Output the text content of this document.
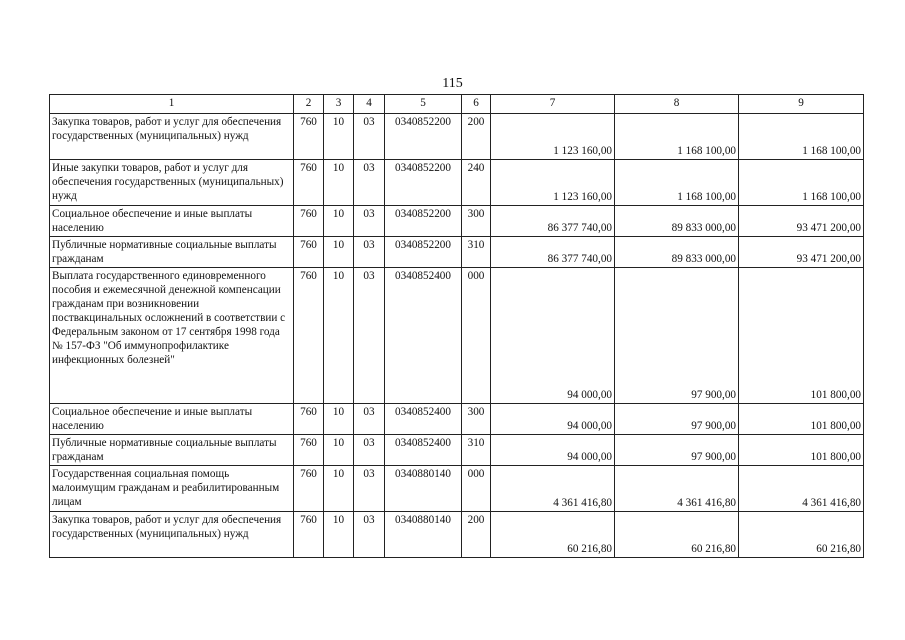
115
1	2	3	4	5	6	7	8	9
Закупка товаров, работ и услуг для обеспечения государственных (муниципальных) нужд	760	10	03	0340852200	200	1 123 160,00	1 168 100,00	1 168 100,00
Иные закупки товаров, работ и услуг для обеспечения государственных (муниципальных) нужд	760	10	03	0340852200	240	1 123 160,00	1 168 100,00	1 168 100,00
Социальное обеспечение и иные выплаты населению	760	10	03	0340852200	300	86 377 740,00	89 833 000,00	93 471 200,00
Публичные нормативные социальные выплаты гражданам	760	10	03	0340852200	310	86 377 740,00	89 833 000,00	93 471 200,00
Выплата государственного единовременного пособия и ежемесячной денежной компенсации гражданам при возникновении поствакцинальных осложнений в соответствии с Федеральным законом от 17 сентября 1998 года № 157-ФЗ "Об иммунопрофилактике инфекционных болезней"	760	10	03	0340852400	000	94 000,00	97 900,00	101 800,00
Социальное обеспечение и иные выплаты населению	760	10	03	0340852400	300	94 000,00	97 900,00	101 800,00
Публичные нормативные социальные выплаты гражданам	760	10	03	0340852400	310	94 000,00	97 900,00	101 800,00
Государственная социальная помощь малоимущим гражданам и реабилитированным лицам	760	10	03	0340880140	000	4 361 416,80	4 361 416,80	4 361 416,80
Закупка товаров, работ и услуг для обеспечения государственных (муниципальных) нужд	760	10	03	0340880140	200	60 216,80	60 216,80	60 216,80
